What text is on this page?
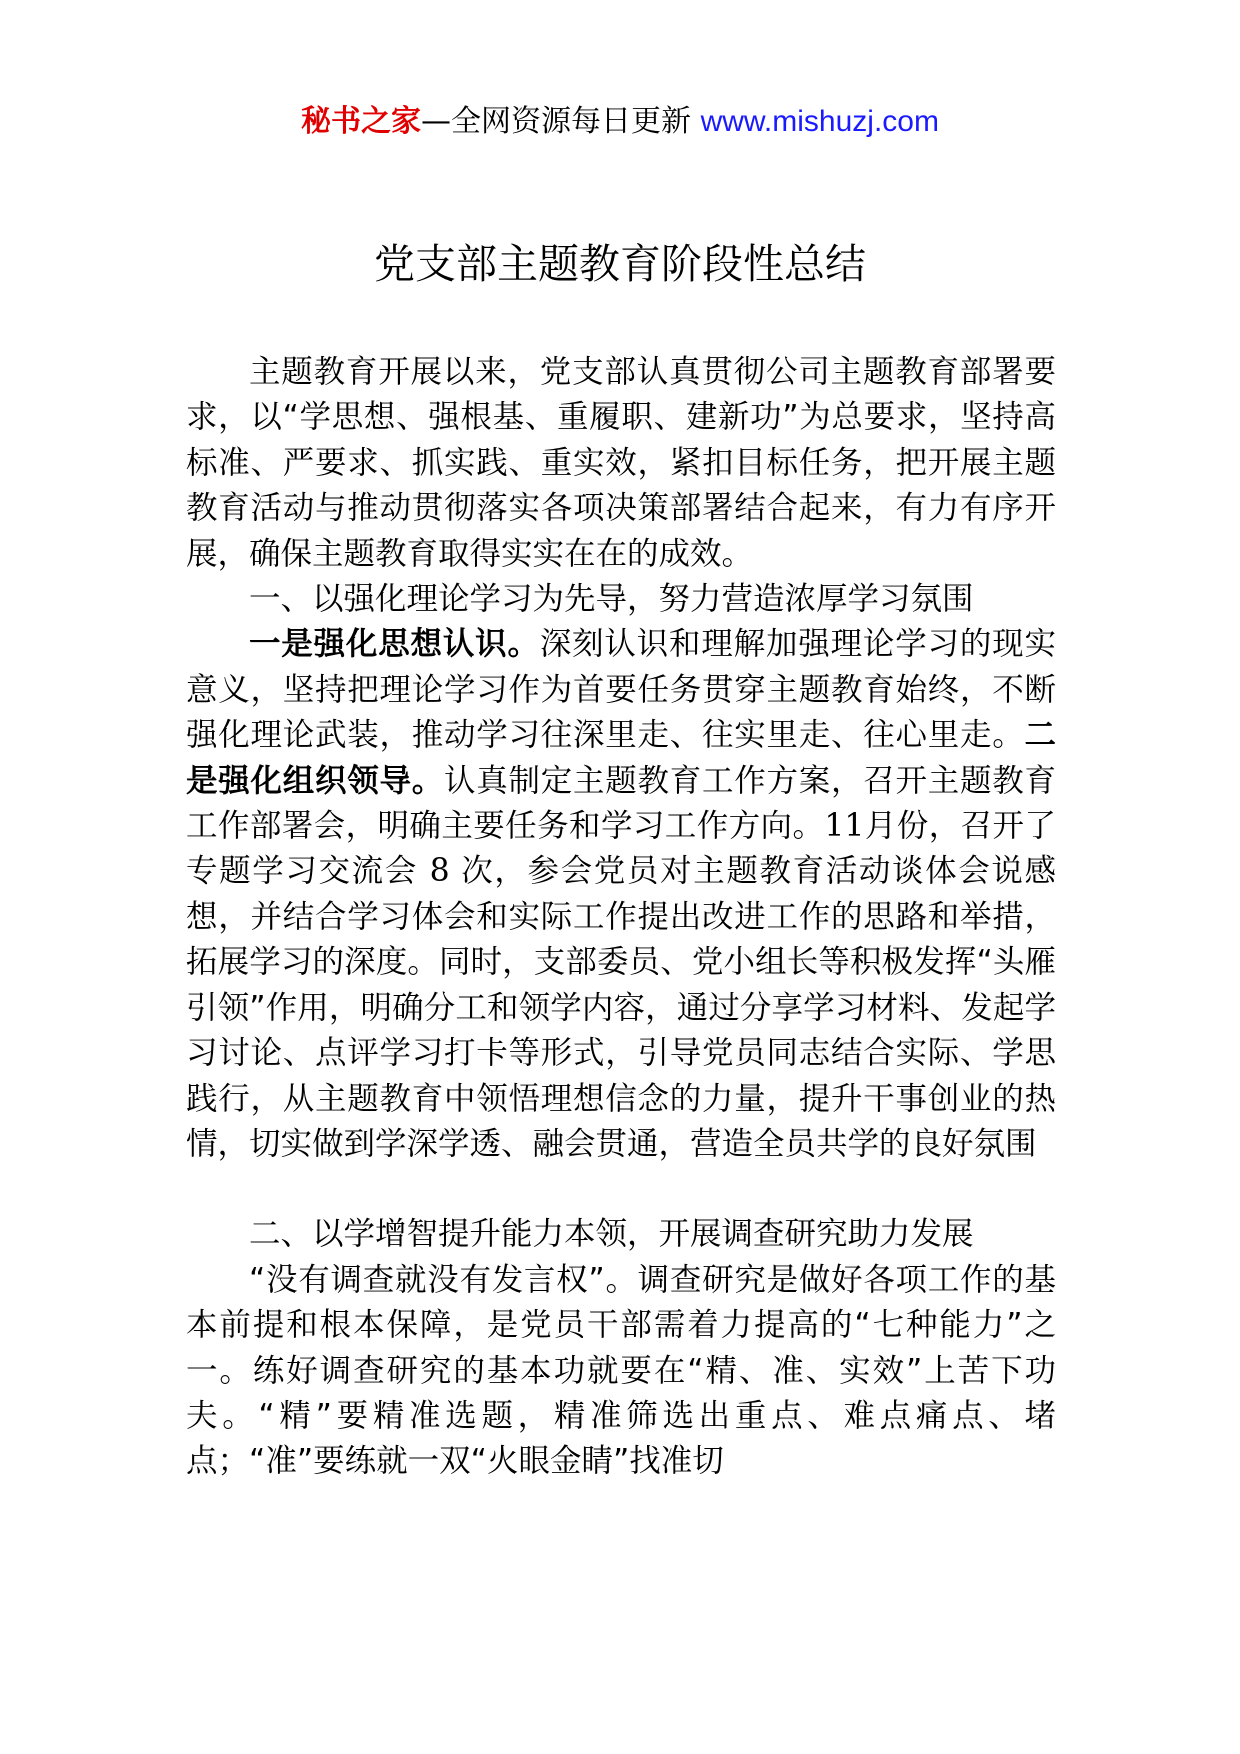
秘书之家—全网资源每日更新 www.mishuzj.com
党支部主题教育阶段性总结

主题教育开展以来，党支部认真贯彻公司主题教育部署要求，以“学思想、强根基、重履职、建新功”为总要求，坚持高标准、严要求、抓实践、重实效，紧扣目标任务，把开展主题教育活动与推动贯彻落实各项决策部署结合起来，有力有序开展，确保主题教育取得实实在在的成效。

一、以强化理论学习为先导，努力营造浓厚学习氛围

一是强化思想认识。深刻认识和理解加强理论学习的现实意义，坚持把理论学习作为首要任务贯穿主题教育始终，不断强化理论武装，推动学习往深里走、往实里走、往心里走。二是强化组织领导。认真制定主题教育工作方案，召开主题教育工作部署会，明确主要任务和学习工作方向。11月份，召开了专题学习交流会 8 次，参会党员对主题教育活动谈体会说感想，并结合学习体会和实际工作提出改进工作的思路和举措，拓展学习的深度。同时，支部委员、党小组长等积极发挥“头雁引领”作用，明确分工和领学内容，通过分享学习材料、发起学习讨论、点评学习打卡等形式，引导党员同志结合实际、学思践行，从主题教育中领悟理想信念的力量，提升干事创业的热情，切实做到学深学透、融会贯通，营造全员共学的良好氛围

二、以学增智提升能力本领，开展调查研究助力发展

“没有调查就没有发言权”。调查研究是做好各项工作的基本前提和根本保障，是党员干部需着力提高的“七种能力”之一。练好调查研究的基本功就要在“精、准、实效”上苦下功夫。“精”要精准选题，精准筛选出重点、难点痛点、堵点；“准”要练就一双“火眼金睛”找准切
